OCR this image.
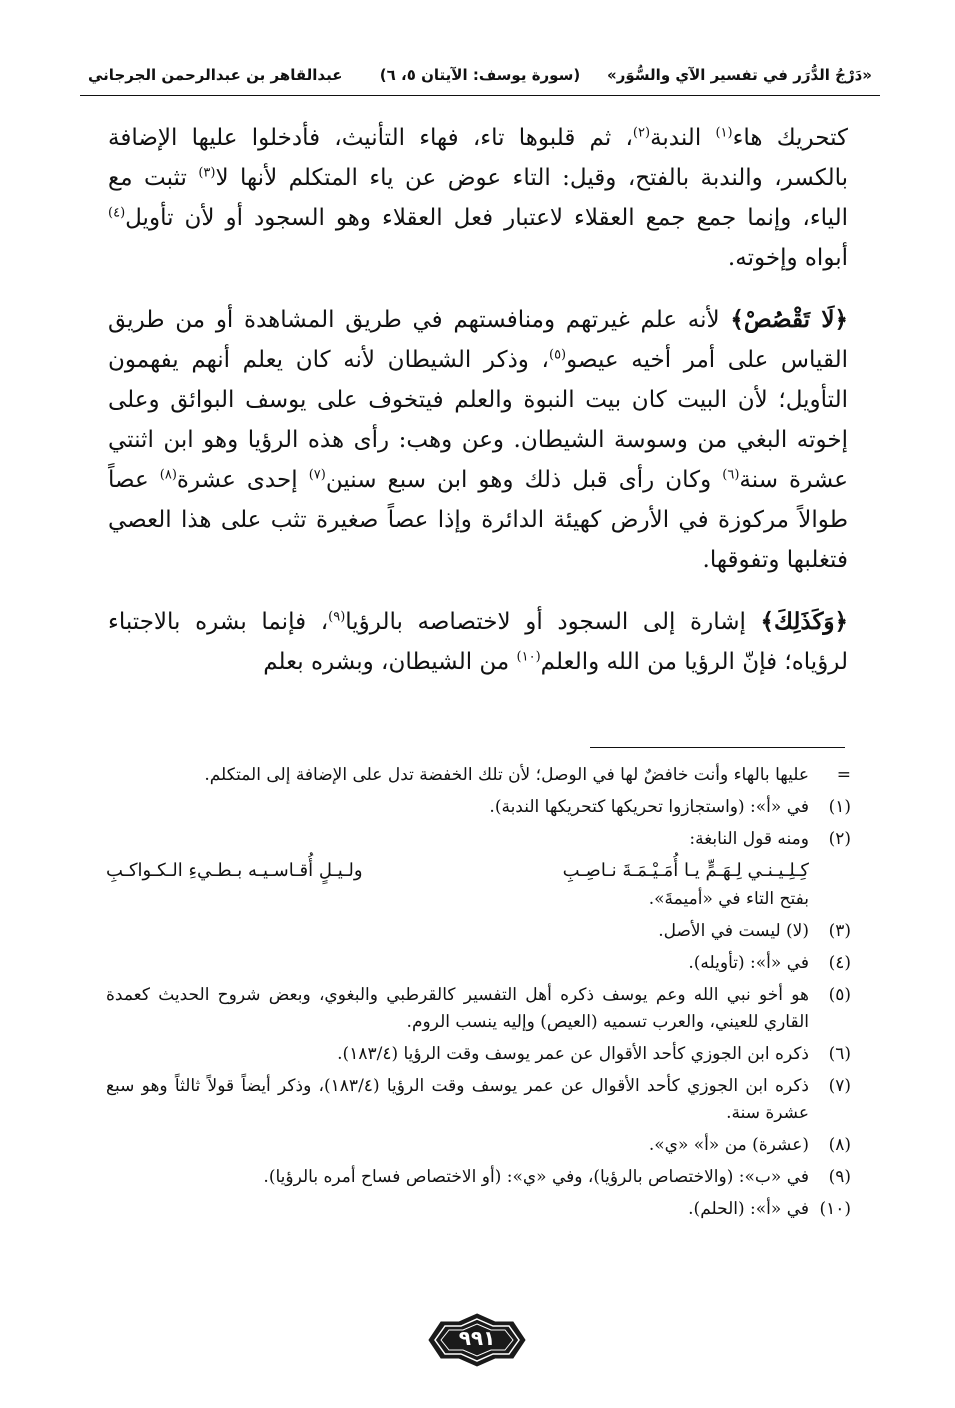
«دَرْجُ الدُّرَر في تفسير الآي والسُّوَر»
(سورة يوسف: الآيتان ٥، ٦)
عبدالقاهر بن عبدالرحمن الجرجاني

كتحريك هاء$^{(١)}$ الندبة$^{(٢)}$، ثم قلبوها تاء، فهاء التأنيث، فأدخلوا عليها الإضافة بالكسر، والندبة بالفتح، وقيل: التاء عوض عن ياء المتكلم لأنها لا$^{(٣)}$ تثبت مع الياء، وإنما جمع جمع العقلاء لاعتبار فعل العقلاء وهو السجود أو لأن تأويل$^{(٤)}$ أبواه وإخوته.

﴿لَا تَقْصُصْ﴾ لأنه علم غيرتهم ومنافستهم في طريق المشاهدة أو من طريق القياس على أمر أخيه عيصو$^{(٥)}$، وذكر الشيطان لأنه كان يعلم أنهم يفهمون التأويل؛ لأن البيت كان بيت النبوة والعلم فيتخوف على يوسف البوائق وعلى إخوته البغي من وسوسة الشيطان. وعن وهب: رأى هذه الرؤيا وهو ابن اثنتي عشرة سنة$^{(٦)}$ وكان رأى قبل ذلك وهو ابن سبع سنين$^{(٧)}$ إحدى عشرة$^{(٨)}$ عصاً طوالاً مركوزة في الأرض كهيئة الدائرة وإذا عصاً صغيرة تثب على هذا العصي فتغلبها وتفوقها.

﴿وَكَذَلِكَ﴾ إشارة إلى السجود أو لاختصاصه بالرؤيا$^{(٩)}$، فإنما بشره بالاجتباء لرؤياه؛ فإنّ الرؤيا من الله والعلم$^{(١٠)}$ من الشيطان، وبشره بعلم

=
عليها بالهاء وأنت خافضٌ لها في الوصل؛ لأن تلك الخفضة تدل على الإضافة إلى المتكلم.
(١)
في «أ»: (واستجازوا تحريكها كتحريكها الندبة).
(٢)
ومنه قول النابغة:
كِـلِـيـنـي لِـهَـمٍّ يـا أُمَـيْـمَـةَ نـاصِـبِ
ولـيـلٍ أُقـاسـيـه بـطـيءِ الـكـواكـبِ
بفتح التاء في «أميمةَ».
(٣)
(لا) ليست في الأصل.
(٤)
في «أ»: (تأويله).
(٥)
هو أخو نبي الله وعم يوسف ذكره أهل التفسير كالقرطبي والبغوي، وبعض شروح الحديث كعمدة القاري للعيني، والعرب تسميه (العيص) وإليه ينسب الروم.
(٦)
ذكره ابن الجوزي كأحد الأقوال عن عمر يوسف وقت الرؤيا (١٨٣/٤).
(٧)
ذكره ابن الجوزي كأحد الأقوال عن عمر يوسف وقت الرؤيا (١٨٣/٤)، وذكر أيضاً قولاً ثالثاً وهو سبع عشرة سنة.
(٨)
(عشرة) من «أ» «ي».
(٩)
في «ب»: (والاختصاص بالرؤيا)، وفي «ي»: (أو الاختصاص فساح أمره بالرؤيا).
(١٠)
في «أ»: (الحلم).
٩٩١
